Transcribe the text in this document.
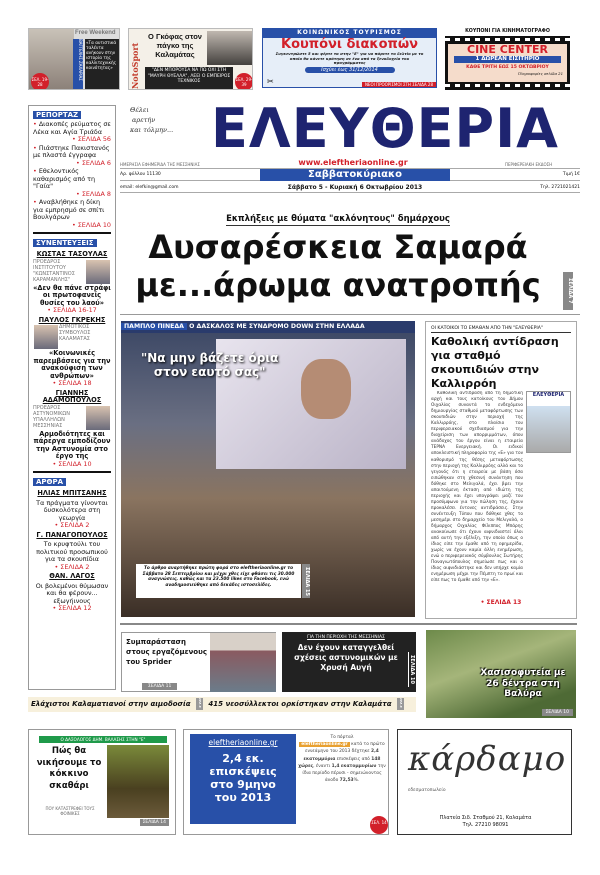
Free Weekend
ΒΑΓΓΕΛΗΣ ΖΑΧΑΡΙΑΣ «Τα αυτιστικά ταλέντα ανήκουν στην ιστορία της καλλιτεχνικής κοινότητας»
ΣΕΛ. 19-28	NotoSport
Ο Γκόφας στον πάγκο της Καλαμάτας
"ΔΕΝ ΜΠΟΡΟΥΣΑ ΝΑ ΠΩ ΟΧΙ ΣΤΗ "ΜΑΥΡΗ ΘΥΕΛΛΑ", ΛΕΕΙ Ο ΕΜΠΕΙΡΟΣ ΤΕΧΝΙΚΟΣ	ΣΕΛ. 29-39
ΚΟΙΝΩΝΙΚΟΣ ΤΟΥΡΙΣΜΟΣ
Κουπόνι διακοπών
Συγκεντρώστε 5 και φέρτε τα στην "Ε" για να πάρετε το δελτίο με το οποίο θα κάνετε κράτηση σε ένα από τα ξενοδοχεία του προγράμματος
Ισχύει έως 31/12/2014
ΝΕΟΙ ΠΡΟΟΡΙΣΜΟΙ ΣΤΗ ΣΕΛΙΔΑ 28
✂
ΚΟΥΠΟΝΙ ΓΙΑ ΚΙΝΗΜΑΤΟΓΡΑΦΟ
CINE CENTER
1 ΔΩΡΕΑΝ ΕΙΣΙΤΗΡΙΟ
ΚΑΘΕ ΤΡΙΤΗ ΕΩΣ 15 ΟΚΤΩΒΡΙΟΥ
Πληροφορίες σελίδα 21
Θέλει
αρετήν
και τόλμην... ΕΛΕΥΘΕΡΙΑ
ΗΜΕΡΗΣΙΑ ΕΦΗΜΕΡΙΔΑ ΤΗΣ ΜΕΣΣΗΝΙΑΣ	www.eleftheriaonline.gr	ΠΕΡΙΦΕΡΕΙΑΚΗ ΕΚΔΟΣΗ
Αρ. φύλλου 11130	Σαββατοκύριακο	Τιμή 1€
email: elefkin@gmail.com	Σάββατο 5 - Κυριακή 6 Οκτωβρίου 2013	Τηλ. 2721021421
ΡΕΠΟΡΤΑΖ
• Διακοπές ρεύματος σε Λέκα και Αγία Τριάδα
• ΣΕΛΙΔΑ 56
• Πιάστηκε Πακιστανός με πλαστά έγγραφα
• ΣΕΛΙΔΑ 6
• Εθελοντικός καθαρισμός από τη "Γαία"
• ΣΕΛΙΔΑ 8
• Αναβλήθηκε η δίκη για εμπρησμό σε σπίτι Βουλγάρων
• ΣΕΛΙΔΑ 10
ΣΥΝΕΝΤΕΥΞΕΙΣ
ΚΩΣΤΑΣ ΤΑΣΟΥΛΑΣ
ΠΡΟΕΔΡΟΣ ΙΝΣΤΙΤΟΥΤΟΥ "ΚΩΝΣΤΑΝΤΙΝΟΣ ΚΑΡΑΜΑΝΛΗΣ"
«Δεν θα πάνε στράφι οι πρωτοφανείς θυσίες του λαού»
• ΣΕΛΙΔΑ 16-17
ΠΑΥΛΟΣ ΓΚΡΕΚΗΣ
ΔΗΜΟΤΙΚΟΣ ΣΥΜΒΟΥΛΟΣ ΚΑΛΑΜΑΤΑΣ
«Κοινωνικές παρεμβάσεις για την ανακούφιση των ανθρώπων»
• ΣΕΛΙΔΑ 18
ΓΙΑΝΝΗΣ ΑΔΑΜΟΠΟΥΛΟΣ
ΠΡΟΕΔΡΟΣ ΑΣΤΥΝΟΜΙΚΩΝ ΥΠΑΛΛΗΛΩΝ ΜΕΣΣΗΝΙΑΣ
Αρμοδιότητες και πάρεργα εμποδίζουν την Αστυνομία στο έργο της
• ΣΕΛΙΔΑ 10
ΑΡΘΡΑ
ΗΛΙΑΣ ΜΠΙΤΣΑΝΗΣ
Τα πράγματα γίνονται δυσκολότερα στη γεωργία
• ΣΕΛΙΔΑ 2
Γ. ΠΑΝΑΓΟΠΟΥΛΟΣ
Το κρυφτούλι του πολιτικού προσωπικού για τα σκουπίδια
• ΣΕΛΙΔΑ 2
ΘΑΝ. ΛΑΓΟΣ
Οι βολεμένοι θύμωσαν και θα φέρουν... εξωγήινους
• ΣΕΛΙΔΑ 12
Εκπλήξεις με θύματα "ακλόνητους" δημάρχους
Δυσαρέσκεια Σαμαρά
με...άρωμα ανατροπής	ΣΕΛΙΔΑ 7
ΠΑΜΠΛΟ ΠΙΝΕΔΑ Ο ΔΑΣΚΑΛΟΣ ΜΕ ΣΥΝΔΡΟΜΟ DOWN ΣΤΗΝ ΕΛΛΑΔΑ
"Να μην βάζετε όρια
στον εαυτό σας"
Το άρθρο αναρτήθηκε πρώτη φορά στο eleftheriaonline.gr το Σάββατο 28 Σεπτεμβρίου και μέχρι χθες είχε φθάσει τις 30.000 αναγνώσεις, καθώς και τα 23.500 likes στο Facebook, ενώ αναδημοσιεύθηκε από δεκάδες ιστοσελίδες.	ΣΕΛΙΔΑ 15
ΟΙ ΚΑΤΟΙΚΟΙ ΤΟ ΕΜΑΘΑΝ ΑΠΟ ΤΗΝ "ΕΛΕΥΘΕΡΙΑ"
Καθολική αντίδραση για σταθμό σκουπιδιών στην Καλλιρρόη
ΕΛΕΥΘΕΡΙΑ
Καθολική αντίδραση από τη δημοτική αρχή και τους κατοίκους του Δήμου Οιχαλίας συναντά το ενδεχόμενο δημιουργίας σταθμού μεταφόρτωσης των σκουπιδιών στην περιοχή της Καλλιρρόης, στο πλαίσιο του περιφερειακού σχεδιασμού για την διαχείριση των απορριμμάτων, όπου ανάδοχος του έργου είναι η εταιρεία ΤΕΡΝΑ Ενεργειακή. Οι ειδικοί αποκλειστική πληροφορία της «Ε» για τον καθορισμό της θέσης μεταφόρτωσης στην περιοχή της Καλλιρρόης αλλά και το γεγονός ότι η εταιρεία με βάση όσα ειπώθηκαν στη χθεσινή συνάντηση που δόθηκε στο Μελιγαλά, έχει βρει την απαιτούμενη έκταση από ιδιώτη της περιοχής και έχει υπογράψει μαζί του προσύμφωνο για την πώληση της, έχουν προκαλέσει έντονες αντιδράσεις. Στην συνέντευξη Τύπου που δόθηκε χθες το μεσημέρι στο δημαρχείο του Μελιγαλά, ο δήμαρχος Οιχαλίας Φίλιππος Μπάρης ανακοίνωσε ότι έχουν αιφνιδιαστεί όλοι από αυτή την εξέλιξη, την οποία όπως ο ίδιος είπε την έμαθε από τη εφημερίδα, χωρίς να έχουν καμία άλλη ενημέρωση, ενώ ο περιφερειακός σύμβουλος Σωτήρης Παναγιωτόπουλος σημείωσε πως και ο ίδιος αιφνιδιάστηκε και δεν υπήρχε καμία ενημέρωση μέχρι την Πέμπτη το πρωί και είπε πως το έμαθε από την «Ε».
• ΣΕΛΙΔΑ 13
Συμπαράσταση στους εργαζόμενους του Sprider
ΣΕΛΙΔΑ 11
ΓΙΑ ΤΗΝ ΠΕΡΙΟΧΗ ΤΗΣ ΜΕΣΣΗΝΙΑΣ
Δεν έχουν καταγγελθεί σχέσεις αστυνομικών με Χρυσή Αυγή	ΣΕΛΙΔΑ 10	Χασισοφυτεία με 26 δέντρα στη Βαλύρα
ΣΕΛΙΔΑ 10
Ελάχιστοι Καλαματιανοί στην αιμοδοσία ΣΕΛ 8 415 νεοσύλλεκτοι ορκίστηκαν στην Καλαμάτα ΣΕΛ 8
Ο ΔΑΣΟΛΟΓΟΣ ΔΗΜ. ΒΑΛΑΣΗΣ ΣΤΗΝ "Ε"
Πώς θα νικήσουμε το κόκκινο σκαθάρι
ΠΟΥ ΚΑΤΑΣΤΡΕΦΕΙ ΤΟΥΣ ΦΟΙΝΙΚΕΣ
ΣΕΛΙΔΑ 14
eleftheriaonline.gr
2,4 εκ.
επισκέψεις
στο 9μηνο
του 2013
Το πόρταλ
eleftheriaonline.gr κατά το πρώτο εννεάμηνο του 2013 δέχτηκε 2,4 εκατομμύρια επισκέψεις από 148 χώρες, έναντι 1,4 εκατομμυρίων την ίδια περίοδο πέρυσι - σημειώνοντας άνοδο 72,53%.
ΣΕΛ. 14
κάρδαμο
εδεσματοπωλείο
Πλατεία Σιδ. Σταθμού 21, Καλαμάτα
Τηλ. 27210 98091
